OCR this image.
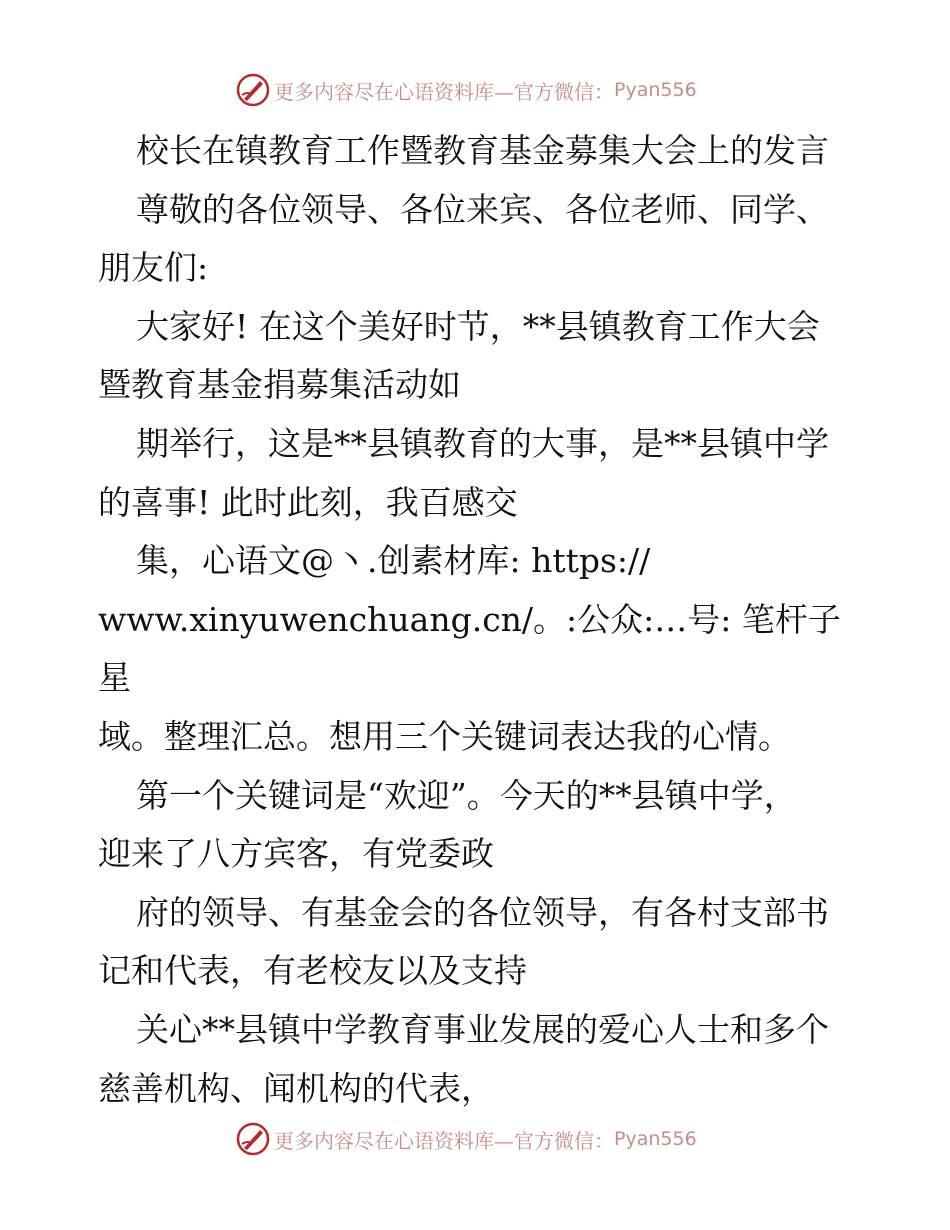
更多内容尽在心语资料库—官方微信： Pyan556

校长在镇教育工作暨教育基金募集大会上的发言

尊敬的各位领导、各位来宾、各位老师、同学、

朋友们:

大家好! 在这个美好时节，**县镇教育工作大会

暨教育基金捐募集活动如

期举行，这是**县镇教育的大事，是**县镇中学

的喜事! 此时此刻，我百感交

集，心语文@丶.创素材库: https://

www.xinyuwenchuang.cn/。:公众:…号: 笔杆子星

域。整理汇总。想用三个关键词表达我的心情。

第一个关键词是“欢迎”。今天的**县镇中学，

迎来了八方宾客，有党委政

府的领导、有基金会的各位领导，有各村支部书

记和代表，有老校友以及支持

关心**县镇中学教育事业发展的爱心人士和多个

慈善机构、闻机构的代表，

更多内容尽在心语资料库—官方微信： Pyan556
